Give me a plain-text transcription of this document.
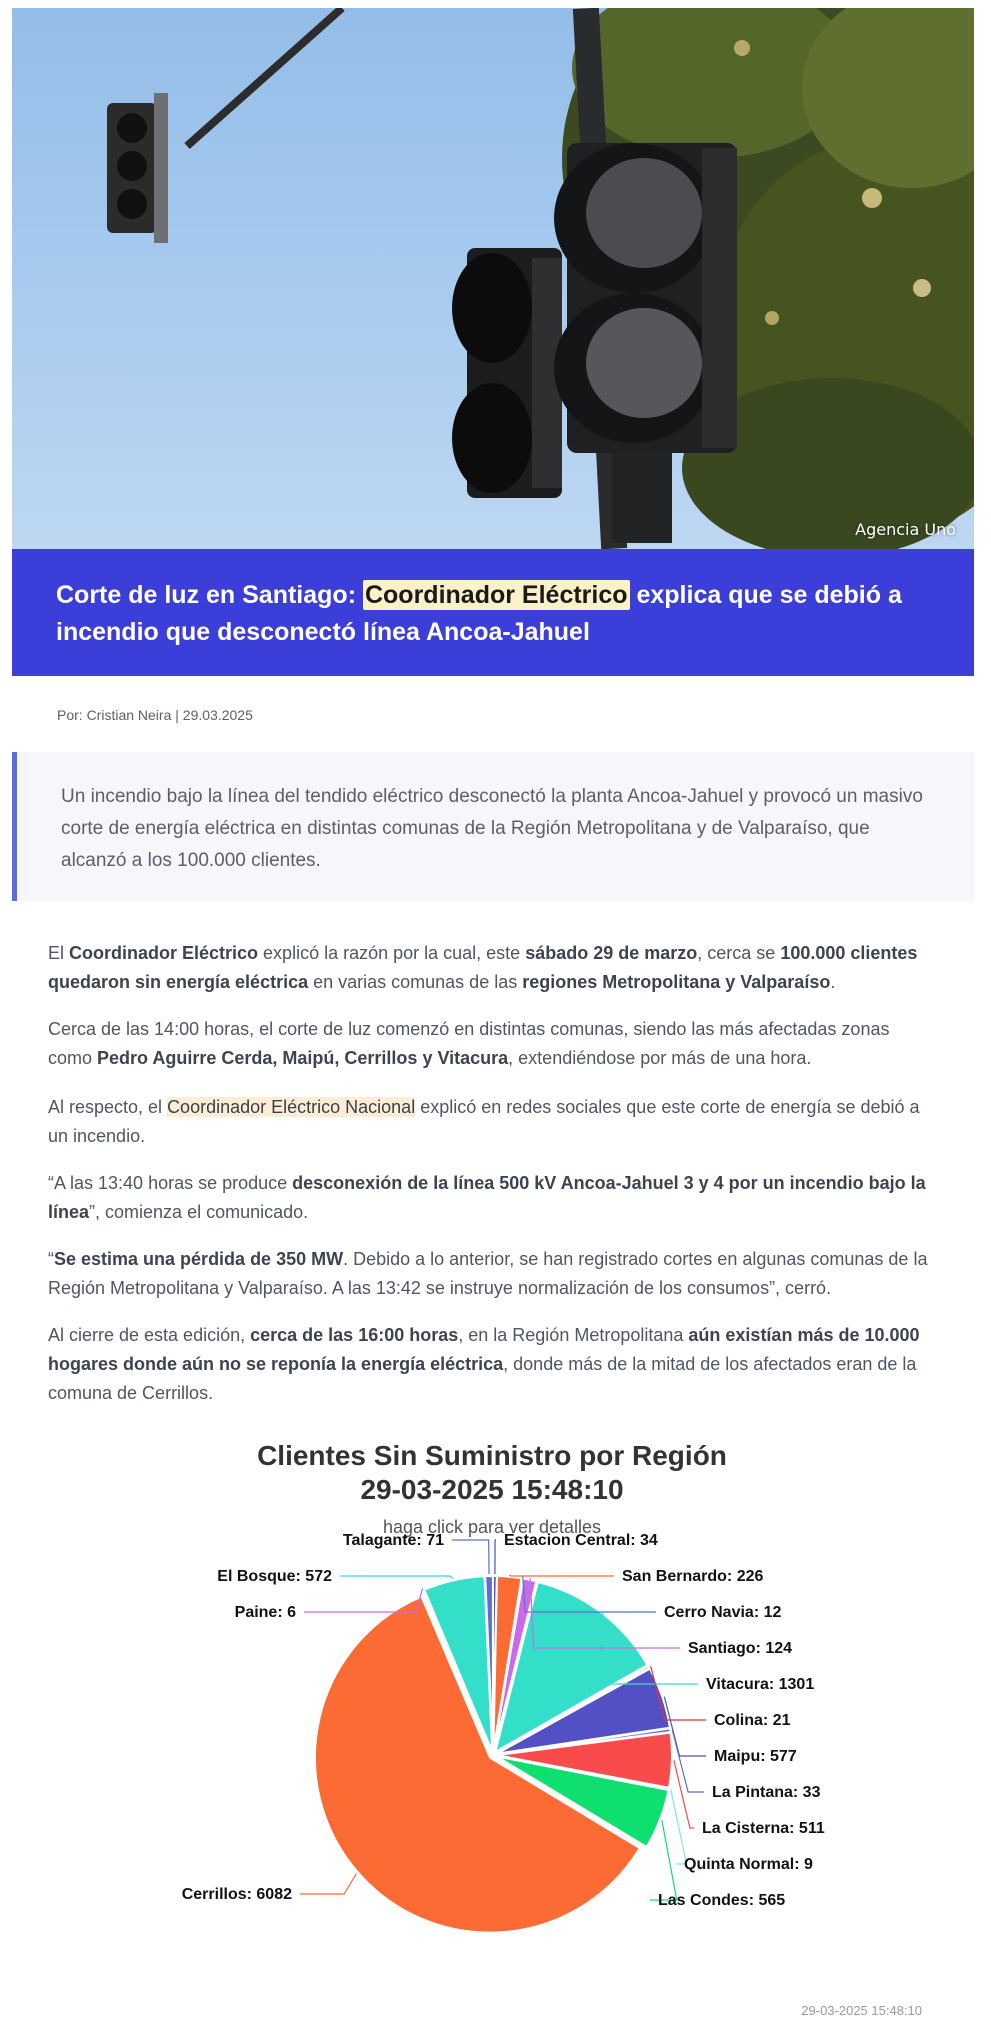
Agencia Uno
Corte de luz en Santiago: Coordinador Eléctrico explica que se debió a incendio que desconectó línea Ancoa-Jahuel
Por: Cristian Neira | 29.03.2025

Un incendio bajo la línea del tendido eléctrico desconectó la planta Ancoa-Jahuel y provocó un masivo corte de energía eléctrica en distintas comunas de la Región Metropolitana y de Valparaíso, que alcanzó a los 100.000 clientes.

El Coordinador Eléctrico explicó la razón por la cual, este sábado 29 de marzo, cerca se 100.000 clientes quedaron sin energía eléctrica en varias comunas de las regiones Metropolitana y Valparaíso.

Cerca de las 14:00 horas, el corte de luz comenzó en distintas comunas, siendo las más afectadas zonas como Pedro Aguirre Cerda, Maipú, Cerrillos y Vitacura, extendiéndose por más de una hora.

Al respecto, el Coordinador Eléctrico Nacional explicó en redes sociales que este corte de energía se debió a un incendio.

“A las 13:40 horas se produce desconexión de la línea 500 kV Ancoa-Jahuel 3 y 4 por un incendio bajo la línea”, comienza el comunicado.

“Se estima una pérdida de 350 MW. Debido a lo anterior, se han registrado cortes en algunas comunas de la Región Metropolitana y Valparaíso. A las 13:42 se instruye normalización de los consumos”, cerró.

Al cierre de esta edición, cerca de las 16:00 horas, en la Región Metropolitana aún existían más de 10.000 hogares donde aún no se reponía la energía eléctrica, donde más de la mitad de los afectados eran de la comuna de Cerrillos.

Clientes Sin Suministro por Región
29-03-2025 15:48:10
haga click para ver detalles
Estacion Central: 34
San Bernardo: 226
Cerro Navia: 12
Santiago: 124
Vitacura: 1301
Colina: 21
Maipu: 577
La Pintana: 33
La Cisterna: 511
Quinta Normal: 9
Las Condes: 565
Cerrillos: 6082
Paine: 6
El Bosque: 572
Talagante: 71
29-03-2025 15:48:10
